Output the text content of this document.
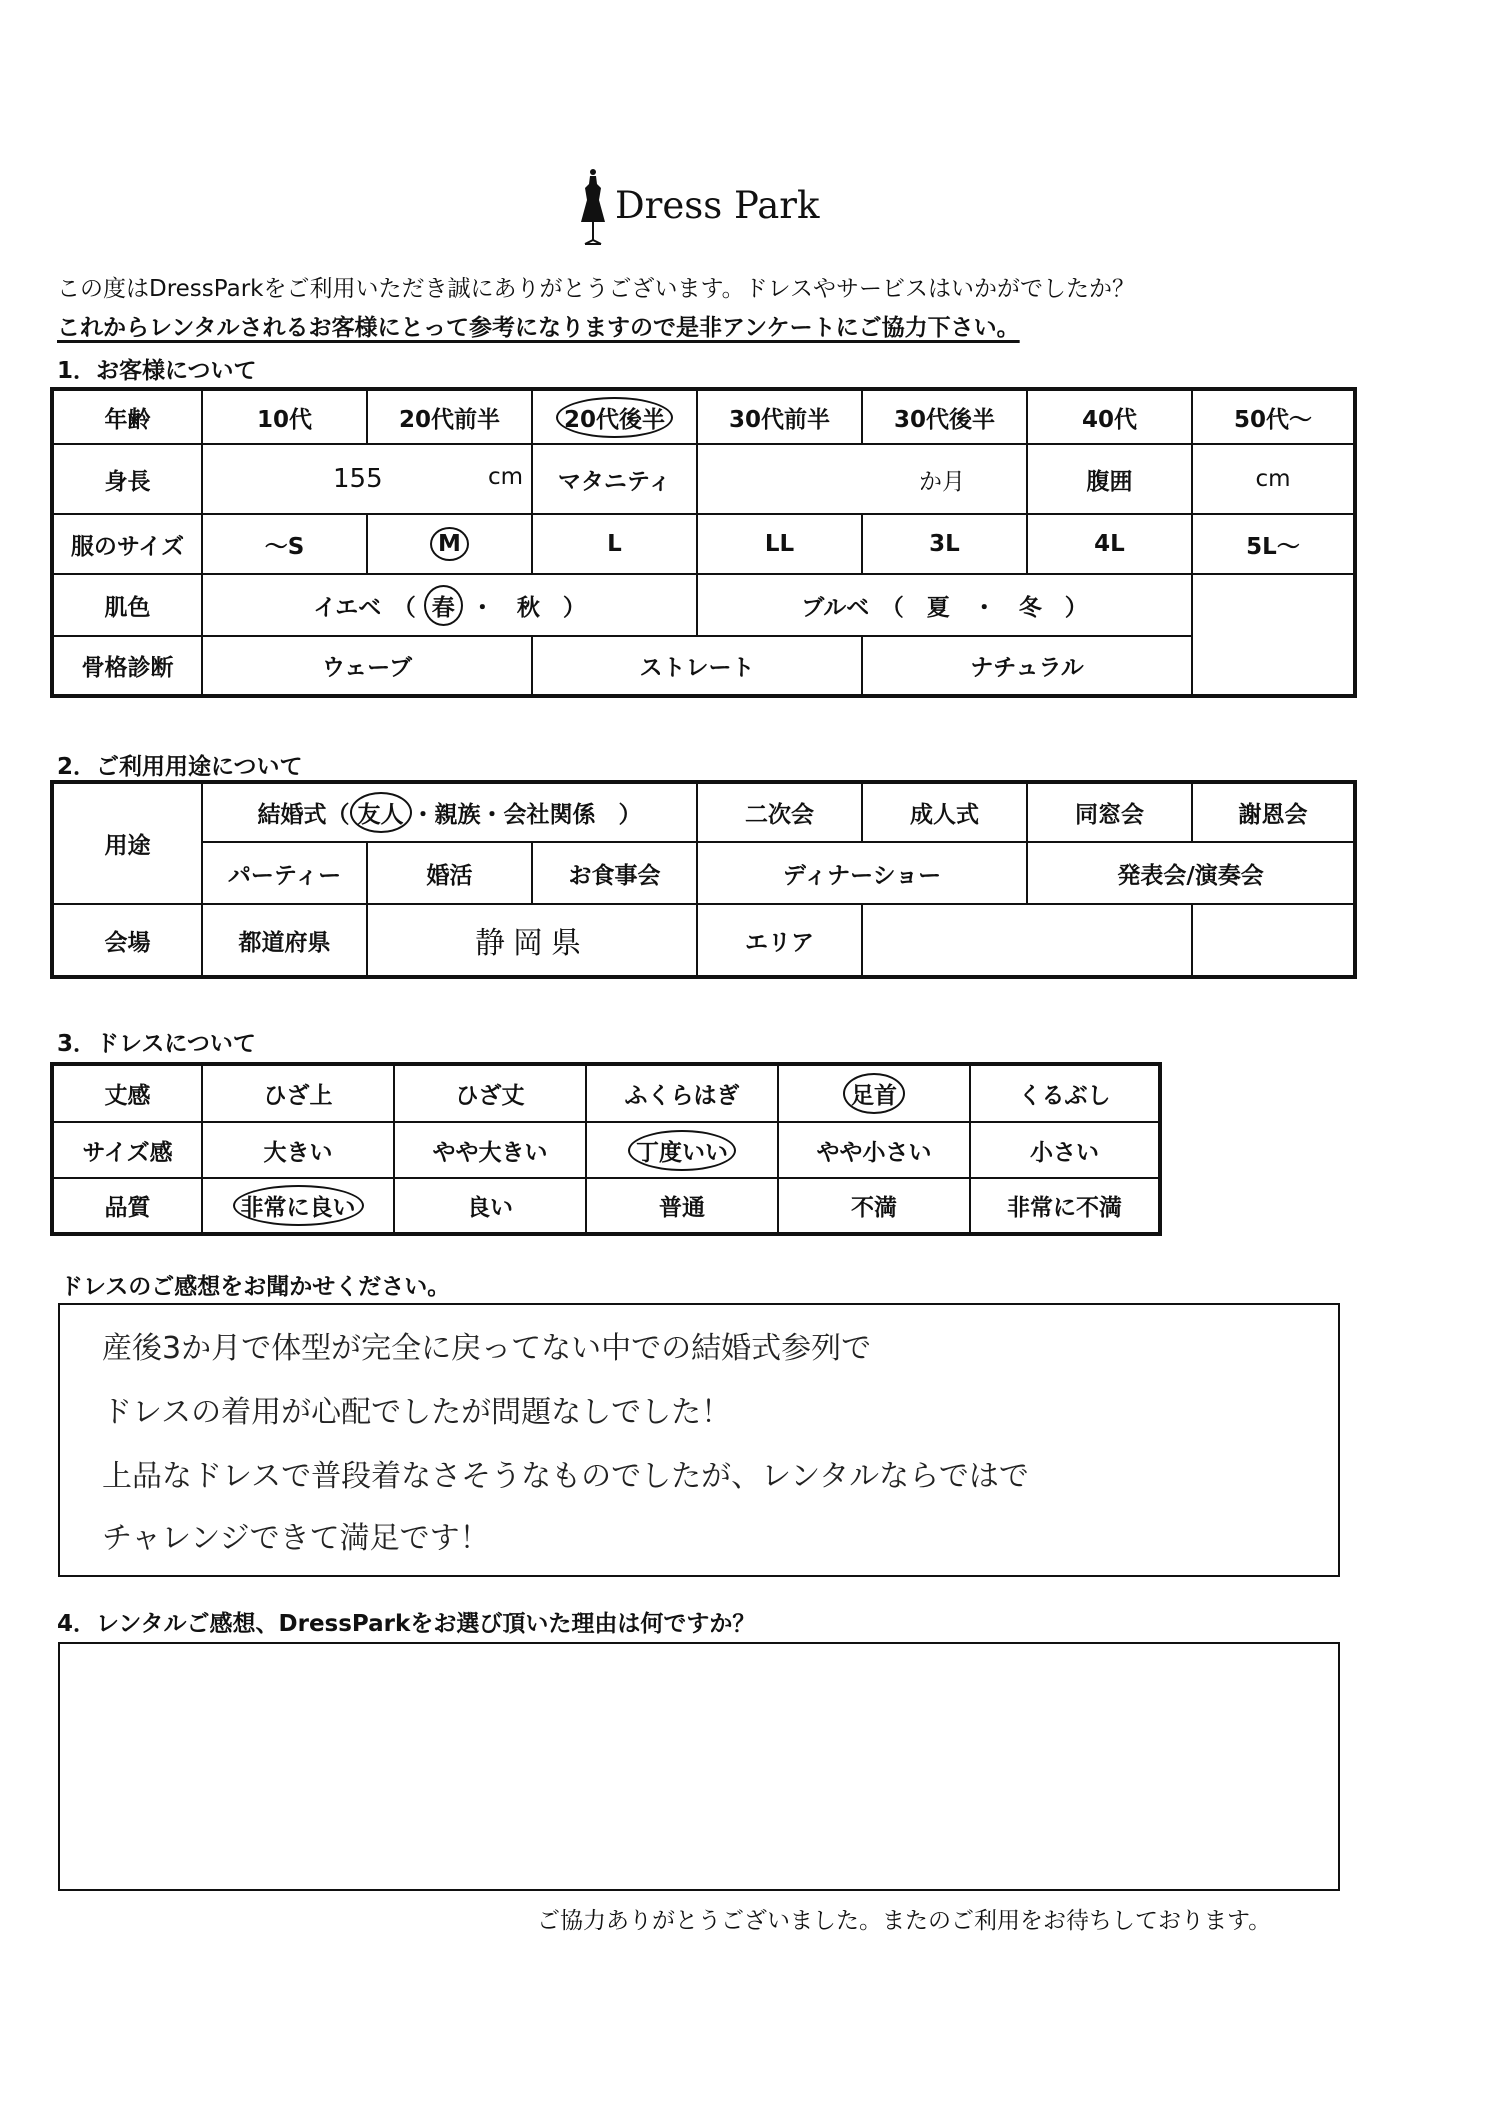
Dress Park
この度はDressParkをご利用いただき誠にありがとうございます。ドレスやサービスはいかがでしたか？
これからレンタルされるお客様にとって参考になりますので是非アンケートにご協力下さい。
1．お客様について
年齢	10代	20代前半	20代後半	30代前半	30代後半	40代	50代～
身長	155 cm		マタニティ	か月		腹囲	cm
服のサイズ	～S	M	L	LL	3L	4L	5L～
肌色	イエベ　（ 春 ・　秋　）			ブルベ　（　夏　・　冬　）			
骨格診断	ウェーブ		ストレート		ナチュラル		
2．ご利用用途について
用途	結婚式（ 友人 ・親族・会社関係　）			二次会	成人式	同窓会	謝恩会
	パーティー	婚活	お食事会	ディナーショー		発表会/演奏会	
会場	都道府県	静岡県		エリア			
3．ドレスについて
丈感	ひざ上	ひざ丈	ふくらはぎ	足首	くるぶし
サイズ感	大きい	やや大きい	丁度いい	やや小さい	小さい
品質	非常に良い	良い	普通	不満	非常に不満
ドレスのご感想をお聞かせください。
産後3か月で体型が完全に戻ってない中での結婚式参列で
ドレスの着用が心配でしたが問題なしでした！
上品なドレスで普段着なさそうなものでしたが、レンタルならではで
チャレンジできて満足です！
4．レンタルご感想、DressParkをお選び頂いた理由は何ですか？
ご協力ありがとうございました。またのご利用をお待ちしております。
